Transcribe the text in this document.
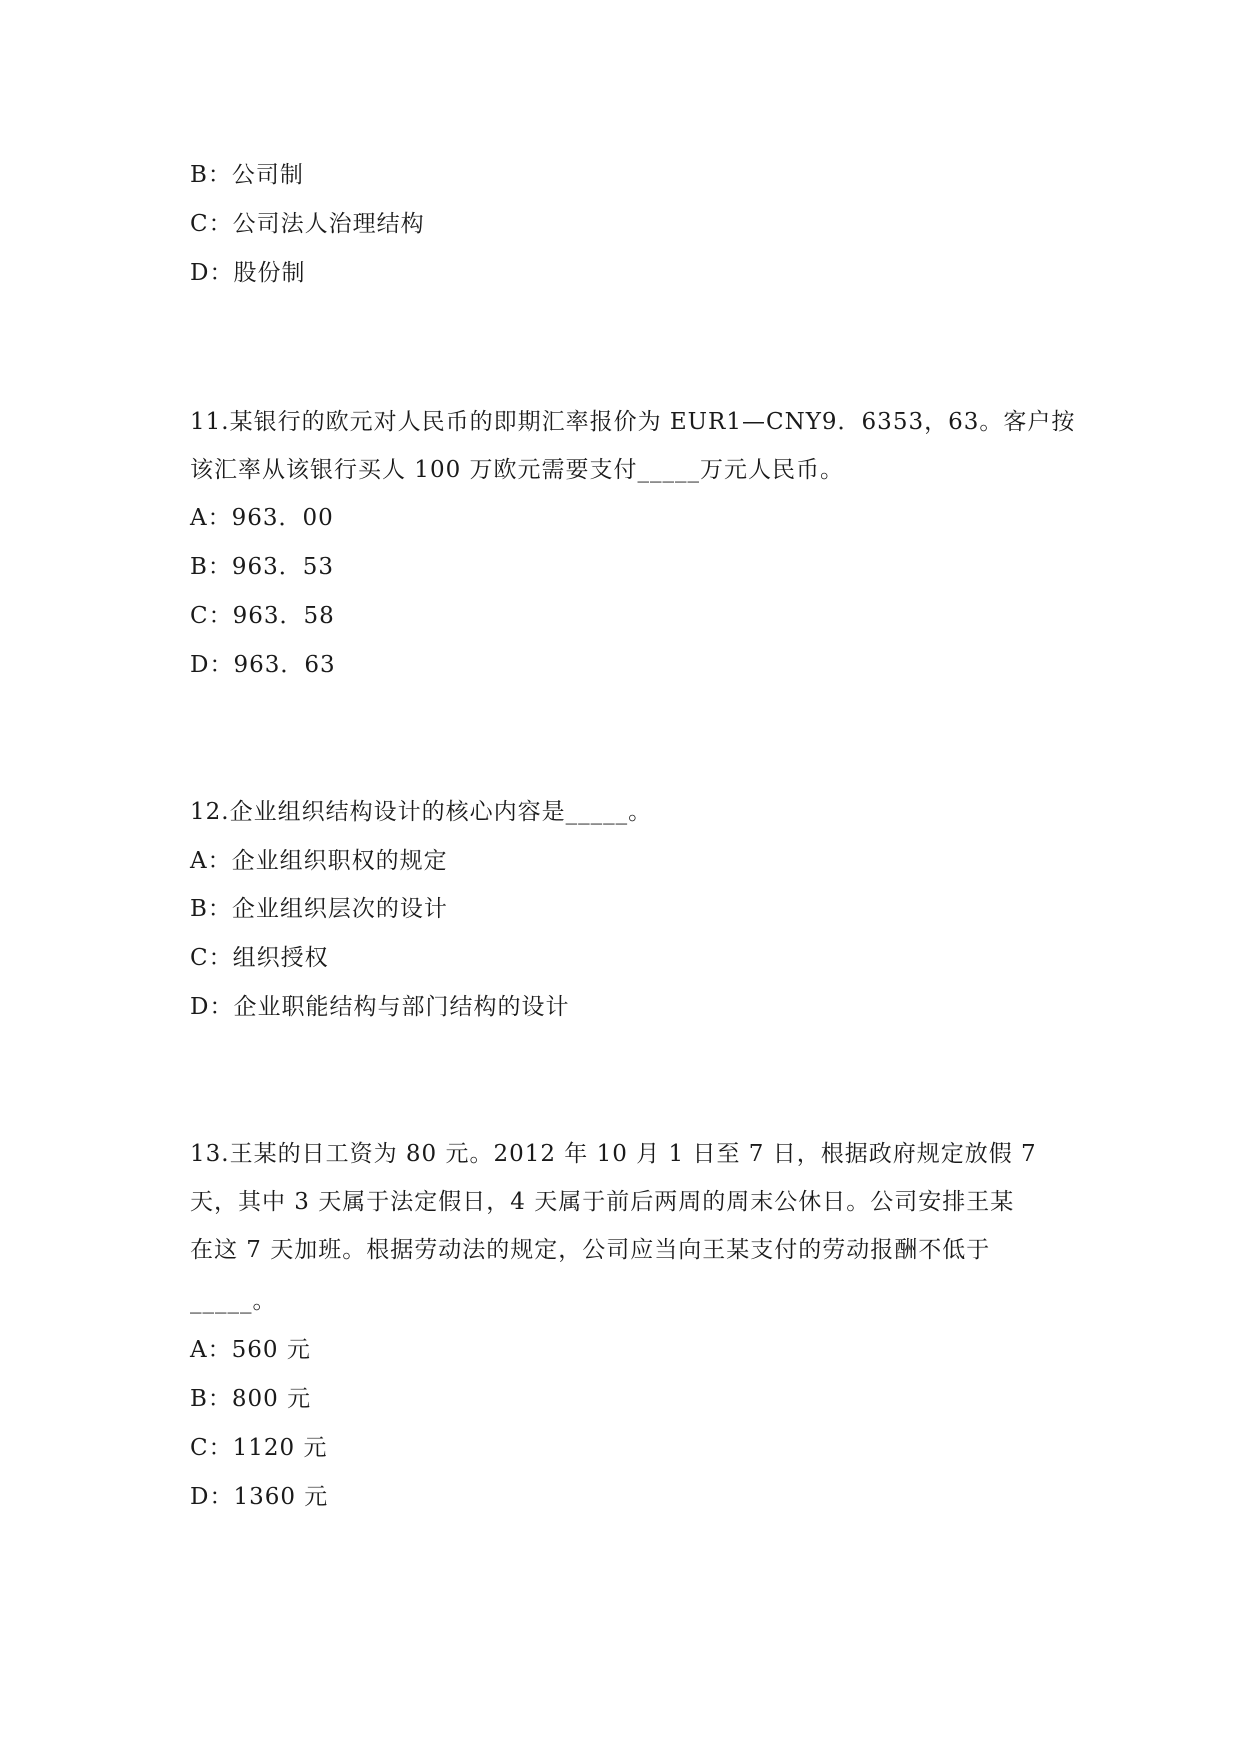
B：公司制
C：公司法人治理结构
D：股份制
11.某银行的欧元对人民币的即期汇率报价为 EUR1—CNY9．6353，63。客户按
该汇率从该银行买人 100 万欧元需要支付_____万元人民币。
A：963．00
B：963．53
C：963．58
D：963．63
12.企业组织结构设计的核心内容是_____。
A：企业组织职权的规定
B：企业组织层次的设计
C：组织授权
D：企业职能结构与部门结构的设计
13.王某的日工资为 80 元。2012 年 10 月 1 日至 7 日，根据政府规定放假 7
天，其中 3 天属于法定假日，4 天属于前后两周的周末公休日。公司安排王某
在这 7 天加班。根据劳动法的规定，公司应当向王某支付的劳动报酬不低于
_____。
A：560 元
B：800 元
C：1120 元
D：1360 元
